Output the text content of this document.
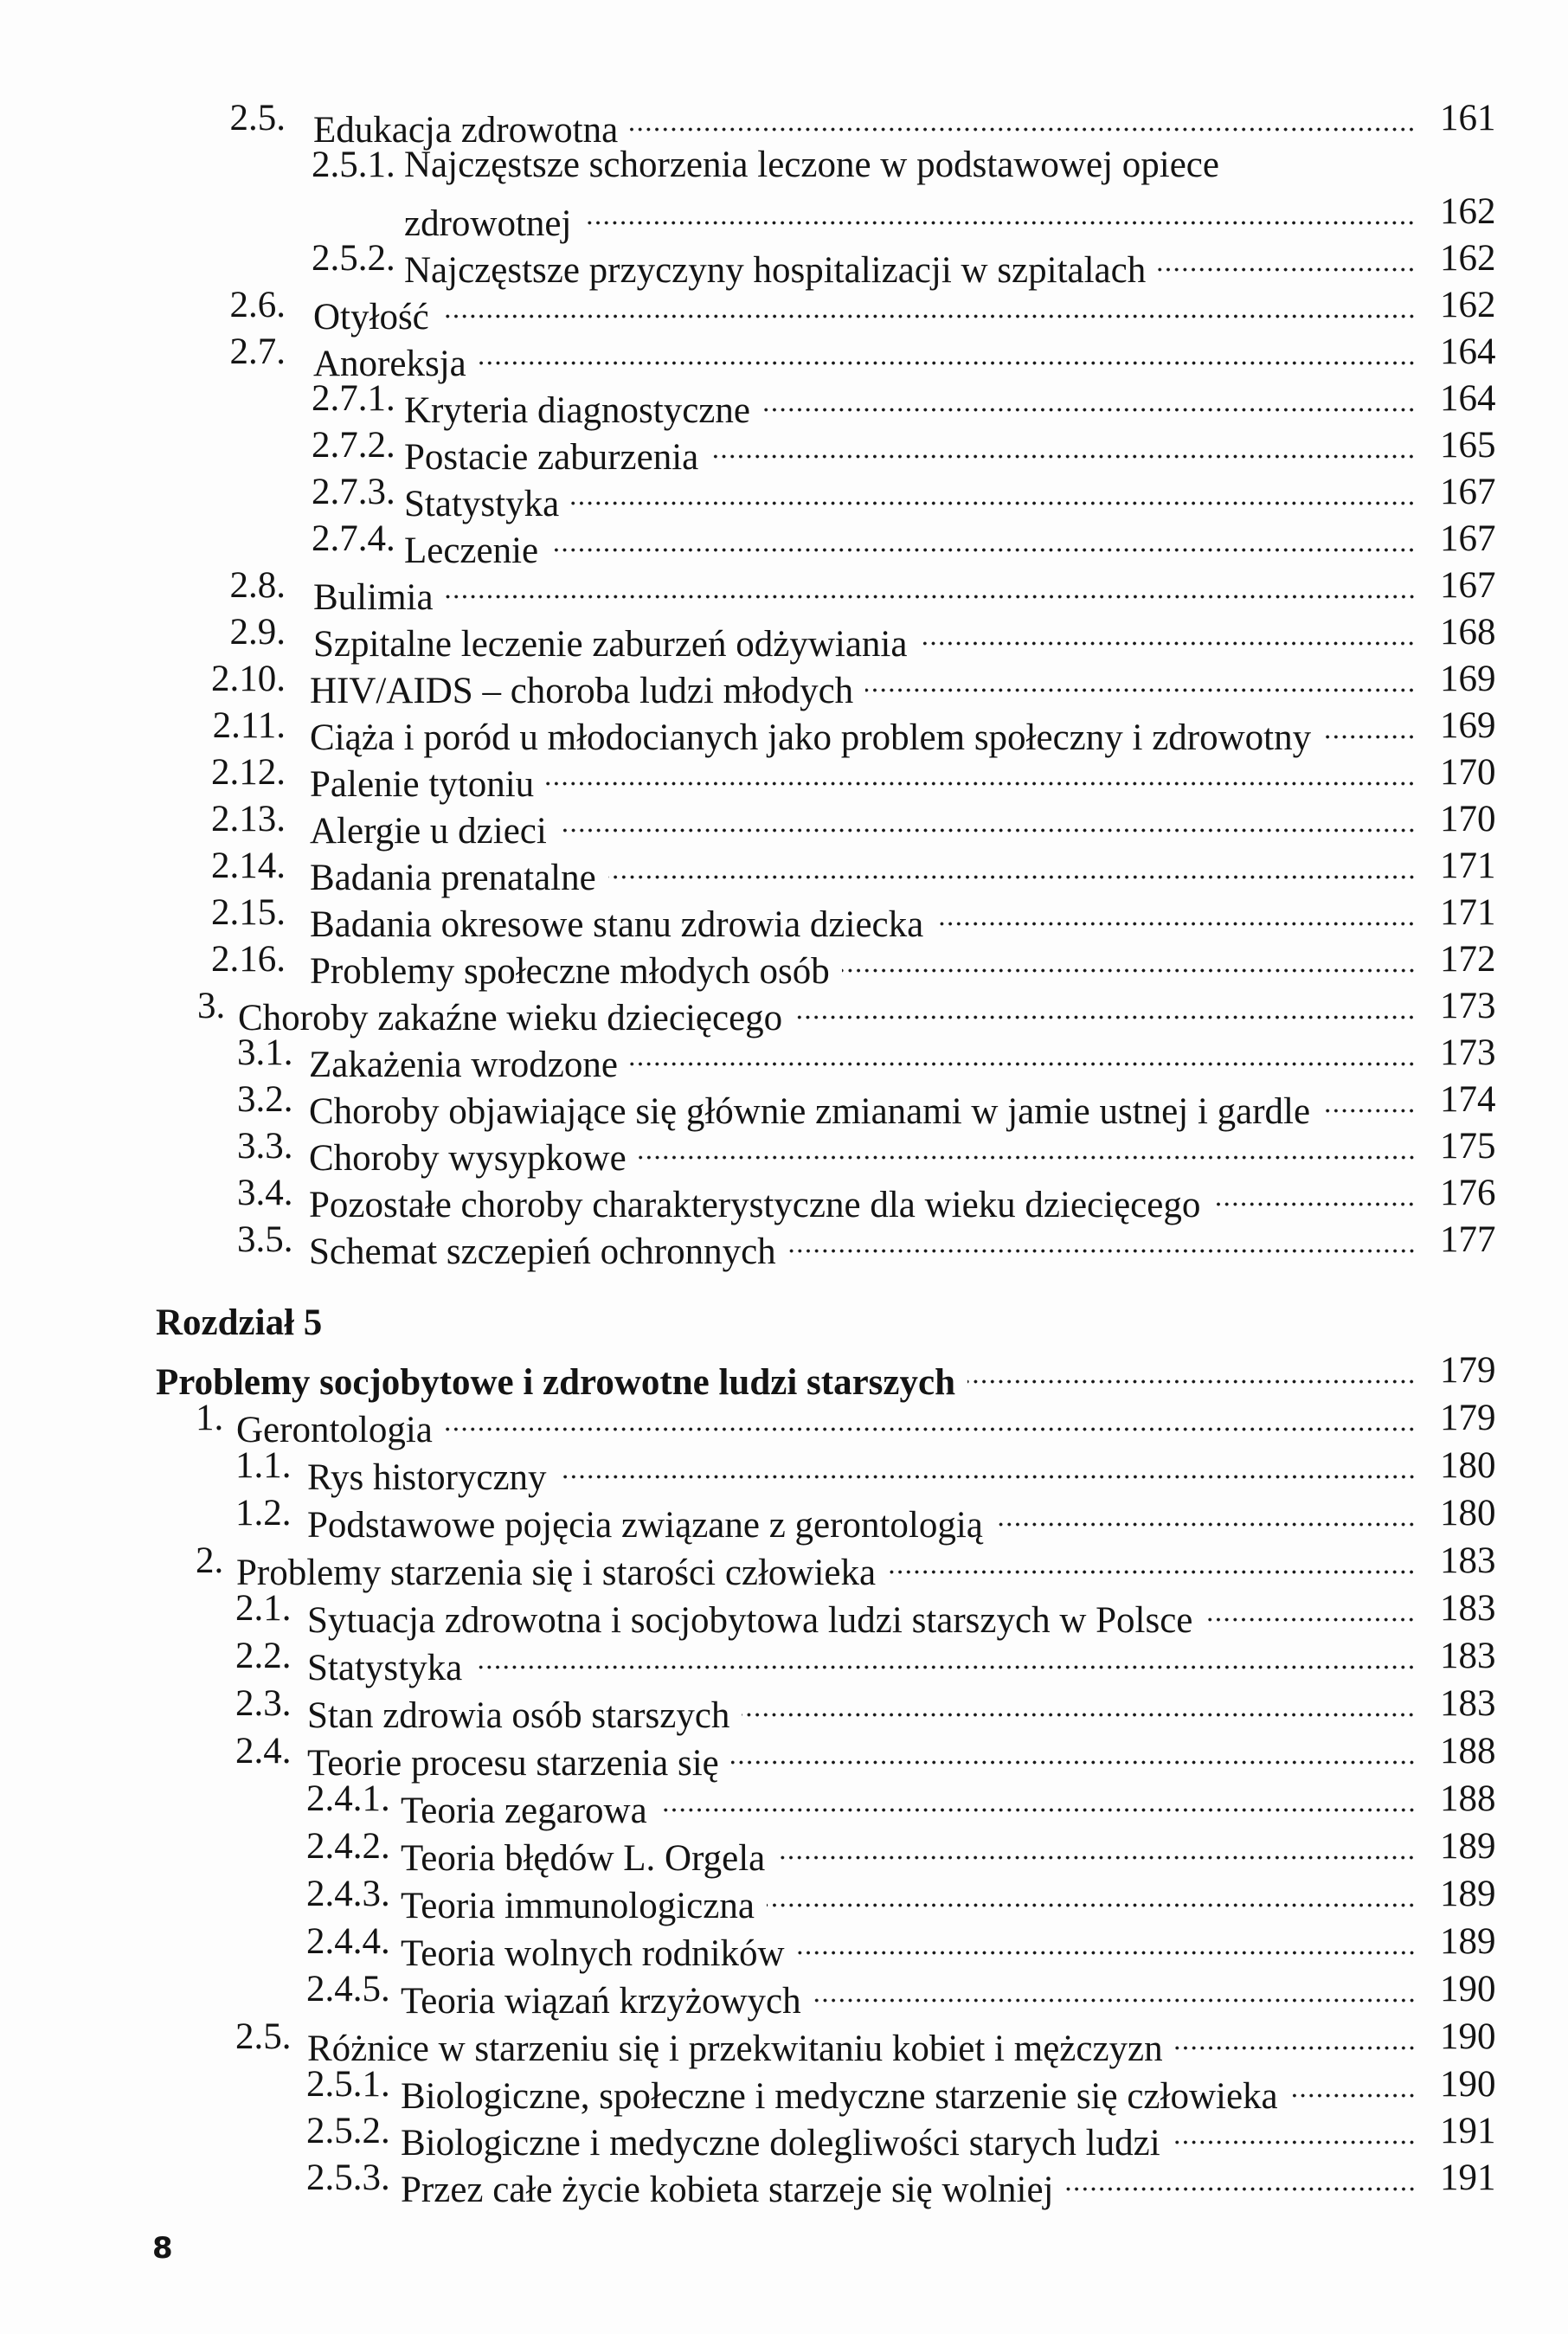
2.5. Edukacja zdrowotna	161
2.5.1. Najczęstsze schorzenia leczone w podstawowej opiece
zdrowotnej	162
2.5.2. Najczęstsze przyczyny hospitalizacji w szpitalach	162
2.6. Otyłość	162
2.7. Anoreksja	164
2.7.1. Kryteria diagnostyczne	164
2.7.2. Postacie zaburzenia	165
2.7.3. Statystyka	167
2.7.4. Leczenie	167
2.8. Bulimia	167
2.9. Szpitalne leczenie zaburzeń odżywiania	168
2.10. HIV/AIDS – choroba ludzi młodych	169
2.11. Ciąża i poród u młodocianych jako problem społeczny i zdrowotny	169
2.12. Palenie tytoniu	170
2.13. Alergie u dzieci	170
2.14. Badania prenatalne	171
2.15. Badania okresowe stanu zdrowia dziecka	171
2.16. Problemy społeczne młodych osób	172
3. Choroby zakaźne wieku dziecięcego	173
3.1. Zakażenia wrodzone	173
3.2. Choroby objawiające się głównie zmianami w jamie ustnej i gardle	174
3.3. Choroby wysypkowe	175
3.4. Pozostałe choroby charakterystyczne dla wieku dziecięcego	176
3.5. Schemat szczepień ochronnych	177
Rozdział 5
Problemy socjobytowe i zdrowotne ludzi starszych	179
1. Gerontologia	179
1.1. Rys historyczny	180
1.2. Podstawowe pojęcia związane z gerontologią	180
2. Problemy starzenia się i starości człowieka	183
2.1. Sytuacja zdrowotna i socjobytowa ludzi starszych w Polsce	183
2.2. Statystyka	183
2.3. Stan zdrowia osób starszych	183
2.4. Teorie procesu starzenia się	188
2.4.1. Teoria zegarowa	188
2.4.2. Teoria błędów L. Orgela	189
2.4.3. Teoria immunologiczna	189
2.4.4. Teoria wolnych rodników	189
2.4.5. Teoria wiązań krzyżowych	190
2.5. Różnice w starzeniu się i przekwitaniu kobiet i mężczyzn	190
2.5.1. Biologiczne, społeczne i medyczne starzenie się człowieka	190
2.5.2. Biologiczne i medyczne dolegliwości starych ludzi	191
2.5.3. Przez całe życie kobieta starzeje się wolniej	191
8
